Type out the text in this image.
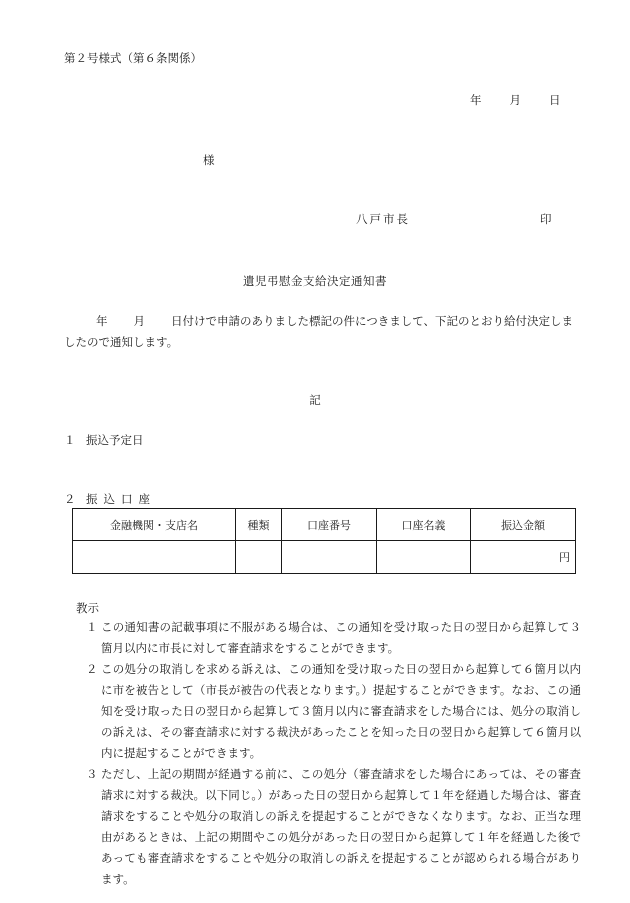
第２号様式（第６条関係）
年 月 日
様
八戸市長	印
遺児弔慰金支給決定通知書
年 月 日付けで申請のありました標記の件につきまして、下記のとおり給付決定しましたので通知します。
記
１ 振込予定日
２ 振込口座
金融機関・支店名	種類	口座番号	口座名義	振込金額
				円
教示
１ この通知書の記載事項に不服がある場合は、この通知を受け取った日の翌日から起算して３箇月以内に市長に対して審査請求をすることができます。
２ この処分の取消しを求める訴えは、この通知を受け取った日の翌日から起算して６箇月以内に市を被告として（市長が被告の代表となります。）提起することができます。なお、この通知を受け取った日の翌日から起算して３箇月以内に審査請求をした場合には、処分の取消しの訴えは、その審査請求に対する裁決があったことを知った日の翌日から起算して６箇月以内に提起することができます。
３ ただし、上記の期間が経過する前に、この処分（審査請求をした場合にあっては、その審査請求に対する裁決。以下同じ。）があった日の翌日から起算して１年を経過した場合は、審査請求をすることや処分の取消しの訴えを提起することができなくなります。なお、正当な理由があるときは、上記の期間やこの処分があった日の翌日から起算して１年を経過した後であっても審査請求をすることや処分の取消しの訴えを提起することが認められる場合があります。
